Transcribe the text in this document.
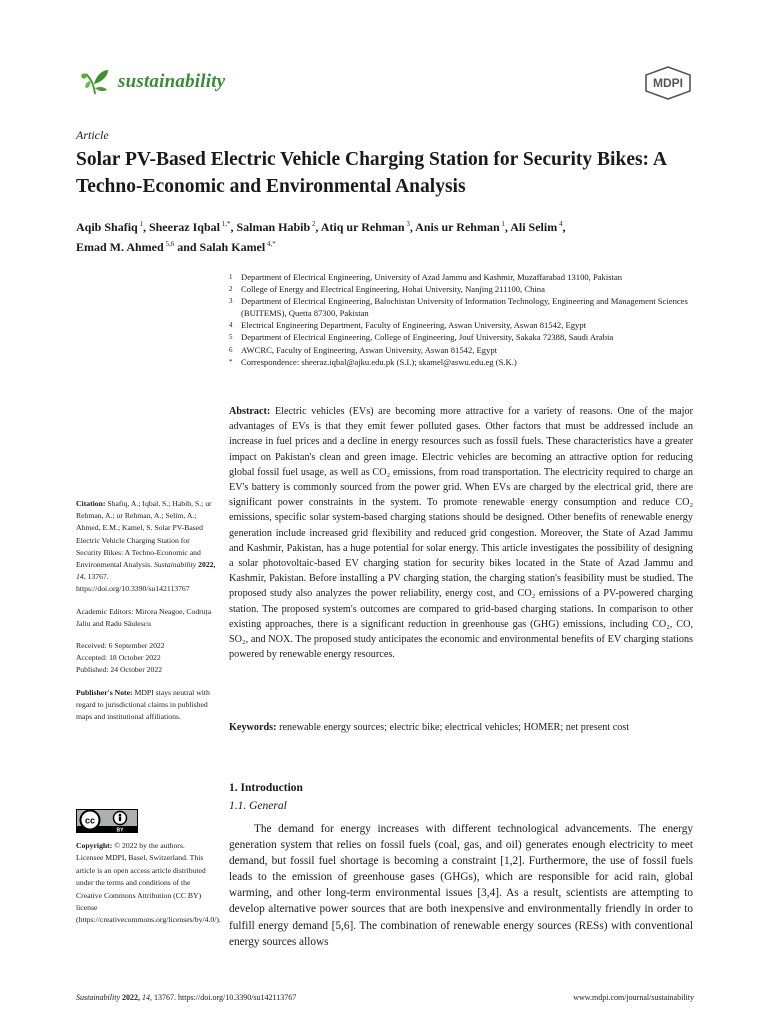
sustainability	MDPI
Article
Solar PV-Based Electric Vehicle Charging Station for Security Bikes: A Techno-Economic and Environmental Analysis
Aqib Shafiq $^1$, Sheeraz Iqbal $^{1,*}$, Salman Habib $^2$, Atiq ur Rehman $^3$, Anis ur Rehman $^1$, Ali Selim $^4$,
Emad M. Ahmed $^{5,6}$ and Salah Kamel $^{4,*}$
1 Department of Electrical Engineering, University of Azad Jammu and Kashmir, Muzaffarabad 13100, Pakistan
2 College of Energy and Electrical Engineering, Hohai University, Nanjing 211100, China
3 Department of Electrical Engineering, Balochistan University of Information Technology, Engineering and Management Sciences (BUITEMS), Quetta 87300, Pakistan
4 Electrical Engineering Department, Faculty of Engineering, Aswan University, Aswan 81542, Egypt
5 Department of Electrical Engineering, College of Engineering, Jouf University, Sakaka 72388, Saudi Arabia
6 AWCRC, Faculty of Engineering, Aswan University, Aswan 81542, Egypt
* Correspondence: sheeraz.iqbal@ajku.edu.pk (S.I.); skamel@aswu.edu.eg (S.K.)

Citation: Shafiq, A.; Iqbal, S.; Habib, S.; ur Rehman, A.; ur Rehman, A.; Selim, A.; Ahmed, E.M.; Kamel, S. Solar PV-Based Electric Vehicle Charging Station for Security Bikes: A Techno-Economic and Environmental Analysis. Sustainability 2022, 14, 13767. https://doi.org/10.3390/su142113767

Academic Editors: Mircea Neagoe, Codruța Jaliu and Radu Săulescu

Received: 6 September 2022
Accepted: 18 October 2022
Published: 24 October 2022

Publisher's Note: MDPI stays neutral with regard to jurisdictional claims in published maps and institutional affiliations.

cc
BY
Copyright: © 2022 by the authors. Licensee MDPI, Basel, Switzerland. This article is an open access article distributed under the terms and conditions of the Creative Commons Attribution (CC BY) license (https://creativecommons.org/licenses/by/4.0/).
Abstract: Electric vehicles (EVs) are becoming more attractive for a variety of reasons. One of the major advantages of EVs is that they emit fewer polluted gases. Other factors that must be addressed include an increase in fuel prices and a decline in energy resources such as fossil fuels. These characteristics have a greater impact on Pakistan's clean and green image. Electric vehicles are becoming an attractive option for reducing global fossil fuel usage, as well as CO₂ emissions, from road transportation. The electricity required to charge an EV's battery is commonly sourced from the power grid. When EVs are charged by the electrical grid, there are significant power constraints in the system. To promote renewable energy consumption and reduce CO₂ emissions, specific solar system-based charging stations should be designed. Other benefits of renewable energy generation include increased grid flexibility and reduced grid congestion. Moreover, the State of Azad Jammu and Kashmir, Pakistan, has a huge potential for solar energy. This article investigates the possibility of designing a solar photovoltaic-based EV charging station for security bikes located in the State of Azad Jammu and Kashmir, Pakistan. Before installing a PV charging station, the charging station's feasibility must be studied. The proposed study also analyzes the power reliability, energy cost, and CO₂ emissions of a PV-powered charging station. The proposed system's outcomes are compared to grid-based charging stations. In comparison to other existing approaches, there is a significant reduction in greenhouse gas (GHG) emissions, including CO₂, CO, SO₂, and NOX. The proposed study anticipates the economic and environmental benefits of EV charging stations powered by renewable energy resources.
Keywords: renewable energy sources; electric bike; electrical vehicles; HOMER; net present cost
1. Introduction
1.1. General
The demand for energy increases with different technological advancements. The energy generation system that relies on fossil fuels (coal, gas, and oil) generates enough electricity to meet demand, but fossil fuel shortage is becoming a constraint [1,2]. Furthermore, the use of fossil fuels leads to the emission of greenhouse gases (GHGs), which are responsible for acid rain, global warming, and other long-term environmental issues [3,4]. As a result, scientists are attempting to develop alternative power sources that are both inexpensive and environmentally friendly in order to fulfill energy demand [5,6]. The combination of renewable energy sources (RESs) with conventional energy sources allows
Sustainability 2022, 14, 13767. https://doi.org/10.3390/su142113767	www.mdpi.com/journal/sustainability
